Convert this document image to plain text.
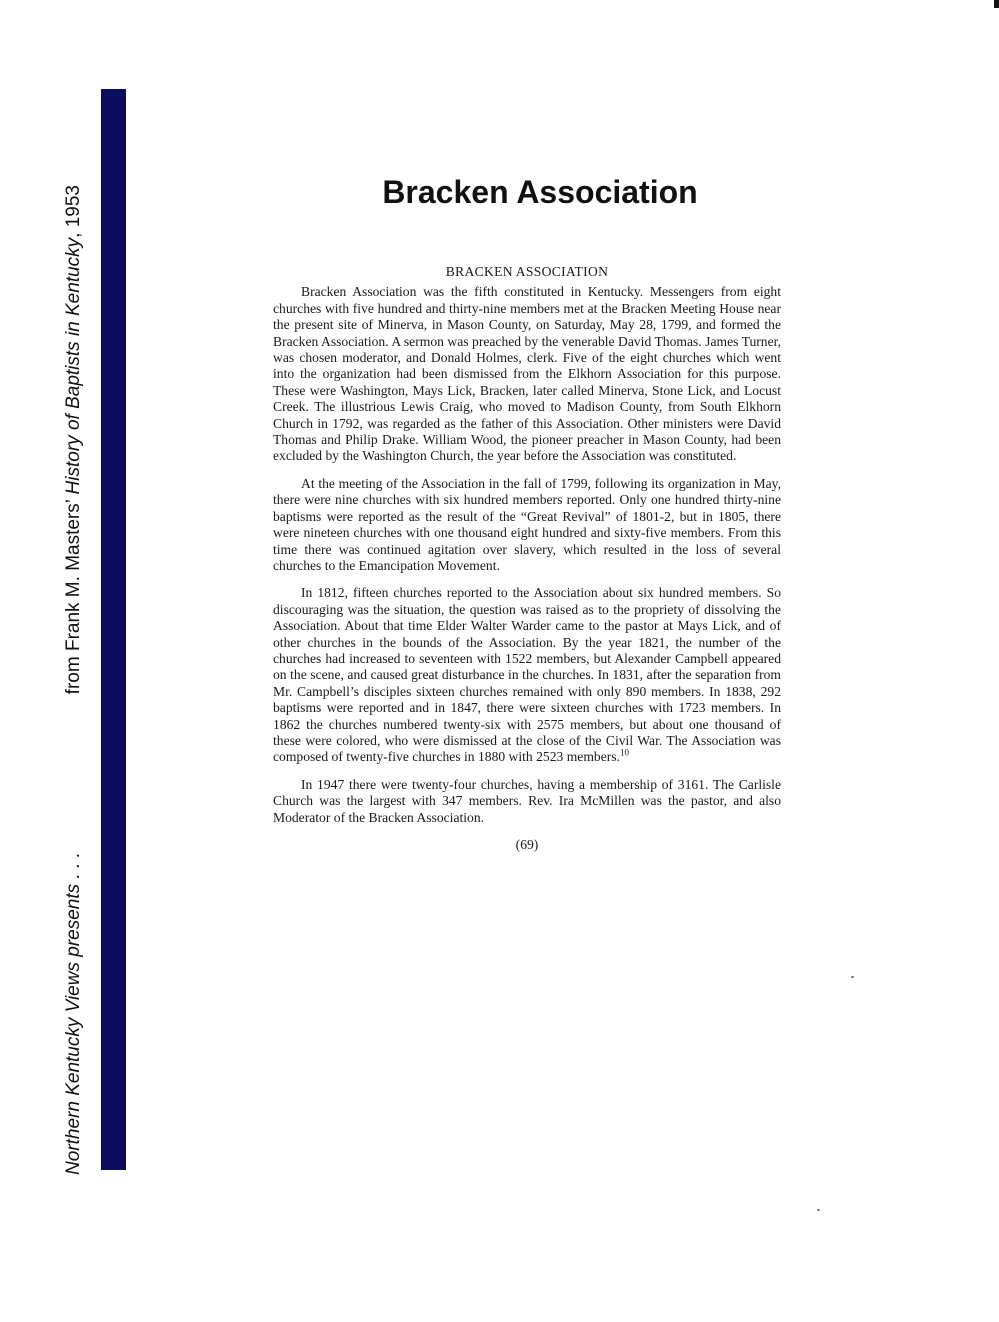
Northern Kentucky Views presents . . .
from Frank M. Masters’ History of Baptists in Kentucky, 1953	Bracken Association
BRACKEN ASSOCIATION

Bracken Association was the fifth constituted in Kentucky. Messengers from eight churches with five hundred and thirty-nine members met at the Bracken Meeting House near the present site of Minerva, in Mason County, on Saturday, May 28, 1799, and formed the Bracken Association. A sermon was preached by the venerable David Thomas. James Turner, was chosen moderator, and Donald Holmes, clerk. Five of the eight churches which went into the organization had been dismissed from the Elkhorn Association for this purpose. These were Washington, Mays Lick, Bracken, later called Minerva, Stone Lick, and Locust Creek. The illustrious Lewis Craig, who moved to Madison County, from South Elkhorn Church in 1792, was regarded as the father of this Association. Other ministers were David Thomas and Philip Drake. William Wood, the pioneer preacher in Mason County, had been excluded by the Washington Church, the year before the Association was constituted.

At the meeting of the Association in the fall of 1799, following its organization in May, there were nine churches with six hundred members reported. Only one hundred thirty-nine baptisms were reported as the result of the “Great Revival” of 1801-2, but in 1805, there were nineteen churches with one thousand eight hundred and sixty-five members. From this time there was continued agitation over slavery, which resulted in the loss of several churches to the Emancipation Movement.

In 1812, fifteen churches reported to the Association about six hundred members. So discouraging was the situation, the question was raised as to the propriety of dissolving the Association. About that time Elder Walter Warder came to the pastor at Mays Lick, and of other churches in the bounds of the Association. By the year 1821, the number of the churches had increased to seventeen with 1522 members, but Alexander Campbell appeared on the scene, and caused great disturbance in the churches. In 1831, after the separation from Mr. Campbell’s disciples sixteen churches remained with only 890 members. In 1838, 292 baptisms were reported and in 1847, there were sixteen churches with 1723 members. In 1862 the churches numbered twenty-six with 2575 members, but about one thousand of these were colored, who were dismissed at the close of the Civil War. The Association was composed of twenty-five churches in 1880 with 2523 members.$^{10}$

In 1947 there were twenty-four churches, having a membership of 3161. The Carlisle Church was the largest with 347 members. Rev. Ira McMillen was the pastor, and also Moderator of the Bracken Association.

(69)
